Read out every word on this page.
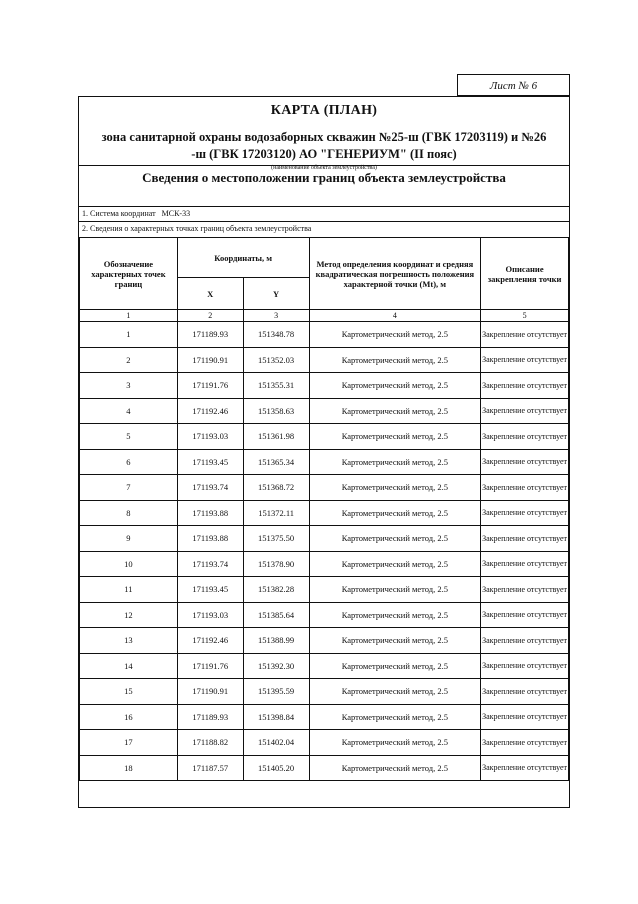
Лист № 6
КАРТА (ПЛАН)
зона санитарной охраны водозаборных скважин №25-ш (ГВК 17203119) и №26
-ш (ГВК 17203120) АО "ГЕНЕРИУМ" (II пояс)
(наименование объекта землеустройства)
Сведения о местоположении границ объекта землеустройства
1. Система координат МСК-33
2. Сведения о характерных точках границ объекта землеустройства
Обозначение характерных точек границ	Координаты, м		Метод определения координат и средняя квадратическая погрешность положения характерной точки (Mt), м	Описание закрепления точки
	X	Y		
1	2	3	4	5
1	171189.93	151348.78	Картометрический метод, 2.5	Закрепление отсутствует
2	171190.91	151352.03	Картометрический метод, 2.5	Закрепление отсутствует
3	171191.76	151355.31	Картометрический метод, 2.5	Закрепление отсутствует
4	171192.46	151358.63	Картометрический метод, 2.5	Закрепление отсутствует
5	171193.03	151361.98	Картометрический метод, 2.5	Закрепление отсутствует
6	171193.45	151365.34	Картометрический метод, 2.5	Закрепление отсутствует
7	171193.74	151368.72	Картометрический метод, 2.5	Закрепление отсутствует
8	171193.88	151372.11	Картометрический метод, 2.5	Закрепление отсутствует
9	171193.88	151375.50	Картометрический метод, 2.5	Закрепление отсутствует
10	171193.74	151378.90	Картометрический метод, 2.5	Закрепление отсутствует
11	171193.45	151382.28	Картометрический метод, 2.5	Закрепление отсутствует
12	171193.03	151385.64	Картометрический метод, 2.5	Закрепление отсутствует
13	171192.46	151388.99	Картометрический метод, 2.5	Закрепление отсутствует
14	171191.76	151392.30	Картометрический метод, 2.5	Закрепление отсутствует
15	171190.91	151395.59	Картометрический метод, 2.5	Закрепление отсутствует
16	171189.93	151398.84	Картометрический метод, 2.5	Закрепление отсутствует
17	171188.82	151402.04	Картометрический метод, 2.5	Закрепление отсутствует
18	171187.57	151405.20	Картометрический метод, 2.5	Закрепление отсутствует
